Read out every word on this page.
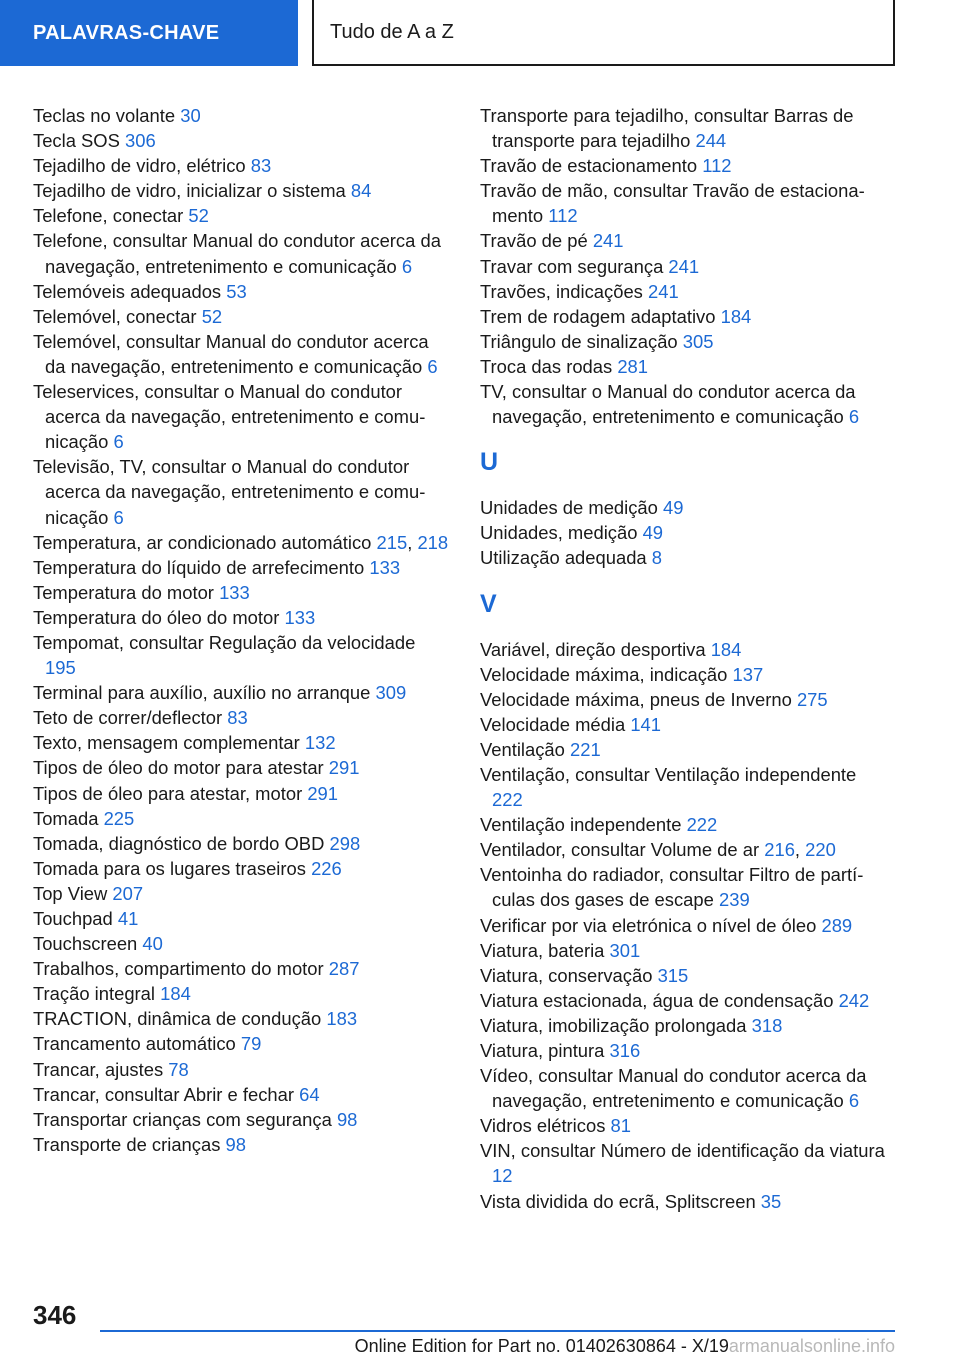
PALAVRAS-CHAVE	Tudo de A a Z
Teclas no volante 30
Tecla SOS 306
Tejadilho de vidro, elétrico 83
Tejadilho de vidro, inicializar o sistema 84
Telefone, conectar 52
Telefone, consultar Manual do condutor acerca da navegação, entretenimento e comunicação 6
Telemóveis adequados 53
Telemóvel, conectar 52
Telemóvel, consultar Manual do condutor acerca da navegação, entretenimento e comunicação 6
Teleservices, consultar o Manual do condutor acerca da navegação, entretenimento e comunicação 6
Televisão, TV, consultar o Manual do condutor acerca da navegação, entretenimento e comunicação 6
Temperatura, ar condicionado automático 215, 218
Temperatura do líquido de arrefecimento 133
Temperatura do motor 133
Temperatura do óleo do motor 133
Tempomat, consultar Regulação da velocidade 195
Terminal para auxílio, auxílio no arranque 309
Teto de correr/deflector 83
Texto, mensagem complementar 132
Tipos de óleo do motor para atestar 291
Tipos de óleo para atestar, motor 291
Tomada 225
Tomada, diagnóstico de bordo OBD 298
Tomada para os lugares traseiros 226
Top View 207
Touchpad 41
Touchscreen 40
Trabalhos, compartimento do motor 287
Tração integral 184
TRACTION, dinâmica de condução 183
Trancamento automático 79
Trancar, ajustes 78
Trancar, consultar Abrir e fechar 64
Transportar crianças com segurança 98
Transporte de crianças 98
Transporte para tejadilho, consultar Barras de transporte para tejadilho 244
Travão de estacionamento 112
Travão de mão, consultar Travão de estacionamento 112
Travão de pé 241
Travar com segurança 241
Travões, indicações 241
Trem de rodagem adaptativo 184
Triângulo de sinalização 305
Troca das rodas 281
TV, consultar o Manual do condutor acerca da navegação, entretenimento e comunicação 6
U
Unidades de medição 49
Unidades, medição 49
Utilização adequada 8
V
Variável, direção desportiva 184
Velocidade máxima, indicação 137
Velocidade máxima, pneus de Inverno 275
Velocidade média 141
Ventilação 221
Ventilação, consultar Ventilação independente 222
Ventilação independente 222
Ventilador, consultar Volume de ar 216, 220
Ventoinha do radiador, consultar Filtro de partículas dos gases de escape 239
Verificar por via eletrónica o nível de óleo 289
Viatura, bateria 301
Viatura, conservação 315
Viatura estacionada, água de condensação 242
Viatura, imobilização prolongada 318
Viatura, pintura 316
Vídeo, consultar Manual do condutor acerca da navegação, entretenimento e comunicação 6
Vidros elétricos 81
VIN, consultar Número de identificação da viatura 12
Vista dividida do ecrã, Splitscreen 35
346
Online Edition for Part no. 01402630864 - X/19armanualsonline.info
